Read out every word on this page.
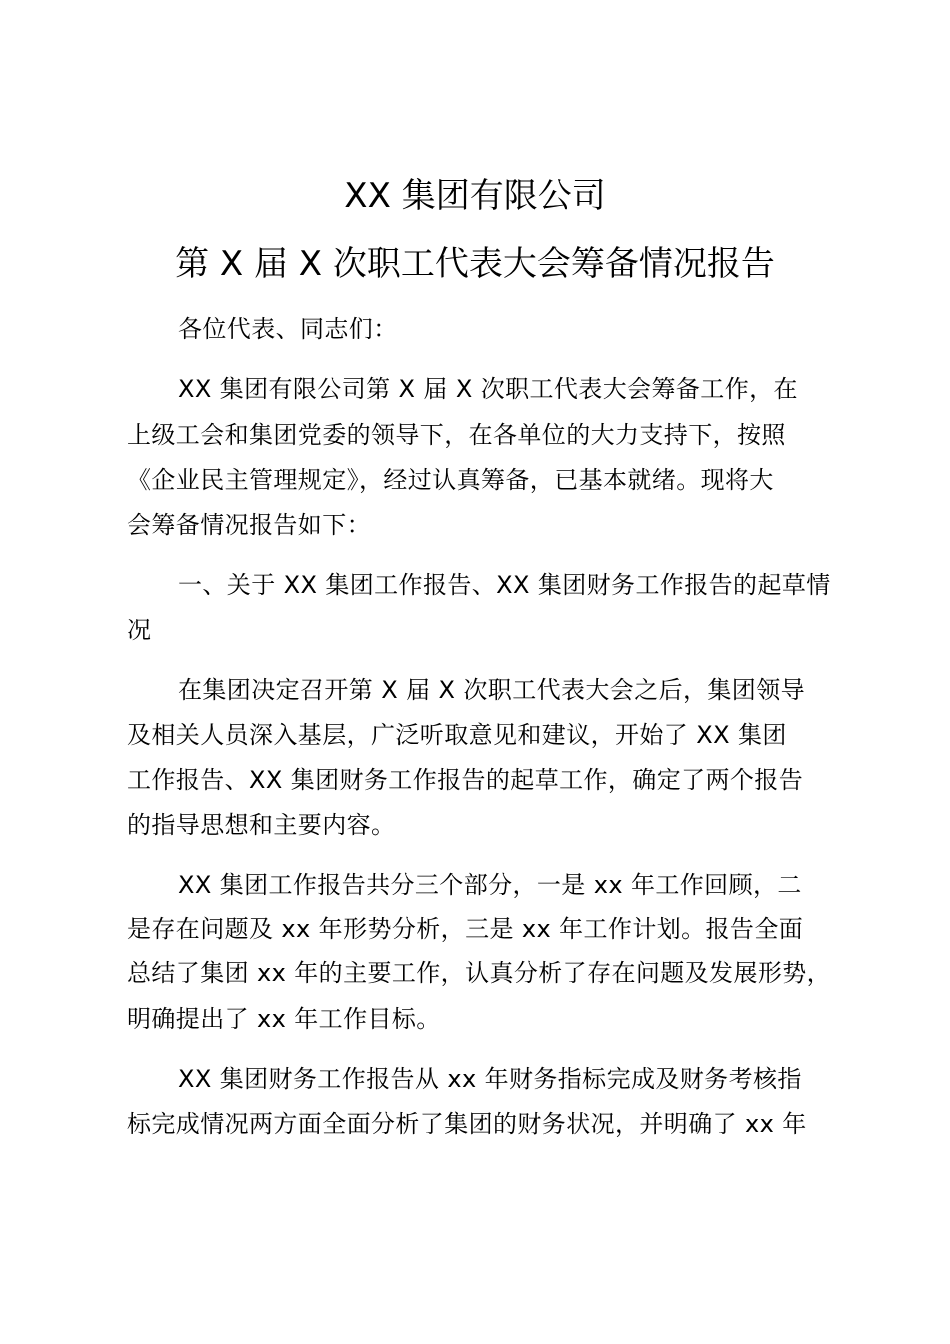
XX 集团有限公司
第 X 届 X 次职工代表大会筹备情况报告
各位代表、同志们：
XX 集团有限公司第 X 届 X 次职工代表大会筹备工作，在
上级工会和集团党委的领导下，在各单位的大力支持下，按照
《企业民主管理规定》，经过认真筹备，已基本就绪。现将大
会筹备情况报告如下：
一、关于 XX 集团工作报告、XX 集团财务工作报告的起草情
况
在集团决定召开第 X 届 X 次职工代表大会之后，集团领导
及相关人员深入基层，广泛听取意见和建议，开始了 XX 集团
工作报告、XX 集团财务工作报告的起草工作，确定了两个报告
的指导思想和主要内容。
XX 集团工作报告共分三个部分，一是 xx 年工作回顾，二
是存在问题及 xx 年形势分析，三是 xx 年工作计划。报告全面
总结了集团 xx 年的主要工作，认真分析了存在问题及发展形势，
明确提出了 xx 年工作目标。
XX 集团财务工作报告从 xx 年财务指标完成及财务考核指
标完成情况两方面全面分析了集团的财务状况，并明确了 xx 年
